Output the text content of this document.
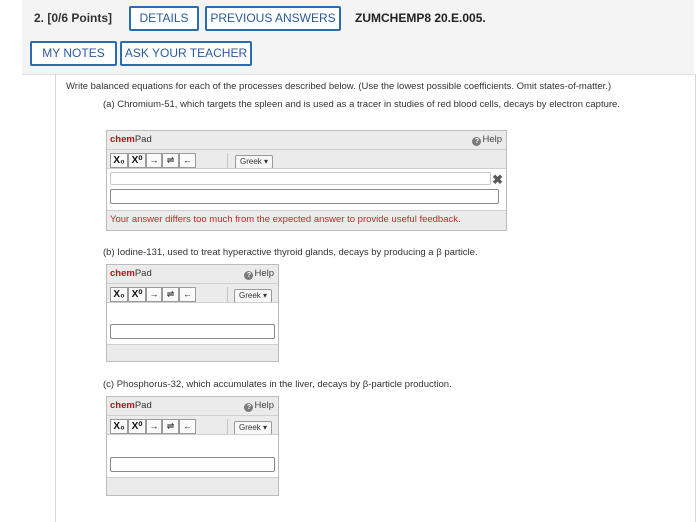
2. [0/6 Points]	DETAILS	PREVIOUS ANSWERS	ZUMCHEMP8 20.E.005.
MY NOTES	ASK YOUR TEACHER
Write balanced equations for each of the processes described below. (Use the lowest possible coefficients. Omit states-of-matter.)
(a) Chromium-51, which targets the spleen and is used as a tracer in studies of red blood cells, decays by electron capture.
chemPad	? Help
X₀ X⁰ → ⇌ ←	Greek ▾
✖
Your answer differs too much from the expected answer to provide useful feedback.
(b) Iodine-131, used to treat hyperactive thyroid glands, decays by producing a β particle.
chemPad	? Help
X₀ X⁰ → ⇌ ←	Greek ▾
(c) Phosphorus-32, which accumulates in the liver, decays by β-particle production.
chemPad	? Help
X₀ X⁰ → ⇌ ←	Greek ▾
